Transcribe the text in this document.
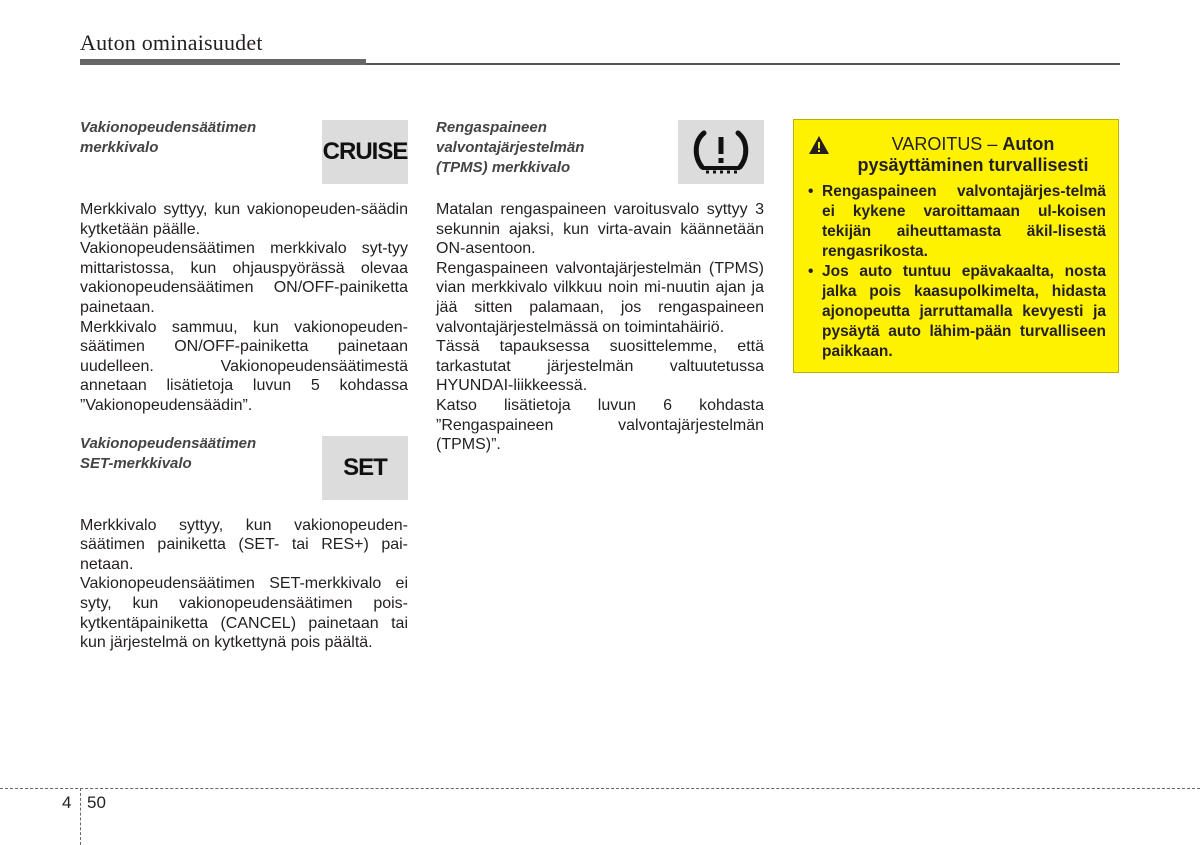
Auton ominaisuudet
Vakionopeudensäätimen
merkkivalo	CRUISE

Merkkivalo syttyy, kun vakionopeuden-säädin kytketään päälle.

Vakionopeudensäätimen merkkivalo syt-tyy mittaristossa, kun ohjauspyörässä olevaa vakionopeudensäätimen ON/OFF-painiketta painetaan.

Merkkivalo sammuu, kun vakionopeuden-säätimen ON/OFF-painiketta painetaan uudelleen. Vakionopeudensäätimestä annetaan lisätietoja luvun 5 kohdassa ”Vakionopeudensäädin”.

Vakionopeudensäätimen
SET-merkkivalo	SET

Merkkivalo syttyy, kun vakionopeuden-säätimen painiketta (SET- tai RES+) pai-netaan.

Vakionopeudensäätimen SET-merkkivalo ei syty, kun vakionopeudensäätimen pois-kytkentäpainiketta (CANCEL) painetaan tai kun järjestelmä on kytkettynä pois päältä.

Rengaspaineen
valvontajärjestelmän
(TPMS) merkkivalo

Matalan rengaspaineen varoitusvalo syttyy 3 sekunnin ajaksi, kun virta-avain käännetään ON-asentoon.

Rengaspaineen valvontajärjestelmän (TPMS) vian merkkivalo vilkkuu noin mi-nuutin ajan ja jää sitten palamaan, jos rengaspaineen valvontajärjestelmässä on toimintahäiriö.

Tässä tapauksessa suosittelemme, että tarkastutat järjestelmän valtuutetussa HYUNDAI-liikkeessä.

Katso lisätietoja luvun 6 kohdasta ”Rengaspaineen valvontajärjestelmän (TPMS)”.

VAROITUS – Auton pysäyttäminen turvallisesti
• Rengaspaineen valvontajärjes-telmä ei kykene varoittamaan ul-koisen tekijän aiheuttamasta äkil-lisestä rengasrikosta.
• Jos auto tuntuu epävakaalta, nosta jalka pois kaasupolkimelta, hidasta ajonopeutta jarruttamalla kevyesti ja pysäytä auto lähim-pään turvalliseen paikkaan.
4 50
